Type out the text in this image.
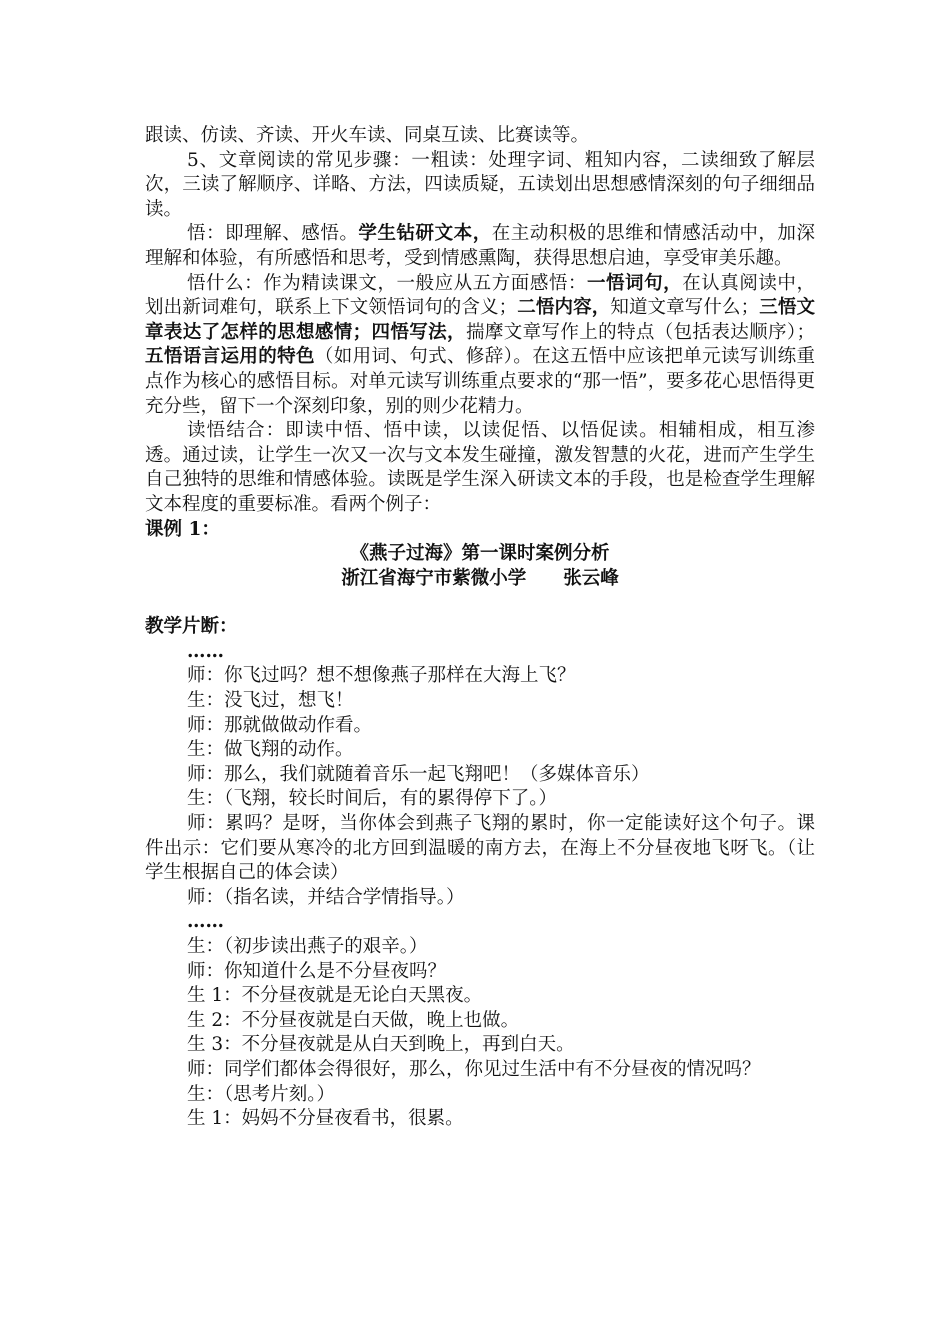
跟读、仿读、齐读、开火车读、同桌互读、比赛读等。

5、文章阅读的常见步骤：一粗读：处理字词、粗知内容，二读细致了解层次，三读了解顺序、详略、方法，四读质疑，五读划出思想感情深刻的句子细细品读。

悟：即理解、感悟。学生钻研文本，在主动积极的思维和情感活动中，加深理解和体验，有所感悟和思考，受到情感熏陶，获得思想启迪，享受审美乐趣。

悟什么：作为精读课文，一般应从五方面感悟：一悟词句，在认真阅读中，划出新词难句，联系上下文领悟词句的含义；二悟内容，知道文章写什么；三悟文章表达了怎样的思想感情；四悟写法，揣摩文章写作上的特点（包括表达顺序）；五悟语言运用的特色（如用词、句式、修辞）。在这五悟中应该把单元读写训练重点作为核心的感悟目标。对单元读写训练重点要求的“那一悟”，要多花心思悟得更充分些，留下一个深刻印象，别的则少花精力。

读悟结合：即读中悟、悟中读，以读促悟、以悟促读。相辅相成，相互渗透。通过读，让学生一次又一次与文本发生碰撞，激发智慧的火花，进而产生学生自己独特的思维和情感体验。读既是学生深入研读文本的手段，也是检查学生理解文本程度的重要标准。看两个例子：

课例 1：

《燕子过海》第一课时案例分析

浙江省海宁市紫微小学　　张云峰

教学片断：

……

师：你飞过吗？想不想像燕子那样在大海上飞？

生：没飞过，想飞！

师：那就做做动作看。

生：做飞翔的动作。

师：那么，我们就随着音乐一起飞翔吧！（多媒体音乐）

生：（飞翔，较长时间后，有的累得停下了。）

师：累吗？是呀，当你体会到燕子飞翔的累时，你一定能读好这个句子。课件出示：它们要从寒冷的北方回到温暖的南方去，在海上不分昼夜地飞呀飞。（让学生根据自己的体会读）

师：（指名读，并结合学情指导。）

……

生：（初步读出燕子的艰辛。）

师：你知道什么是不分昼夜吗？

生 1：不分昼夜就是无论白天黑夜。

生 2：不分昼夜就是白天做，晚上也做。

生 3：不分昼夜就是从白天到晚上，再到白天。

师：同学们都体会得很好，那么，你见过生活中有不分昼夜的情况吗？

生：（思考片刻。）

生 1：妈妈不分昼夜看书，很累。
